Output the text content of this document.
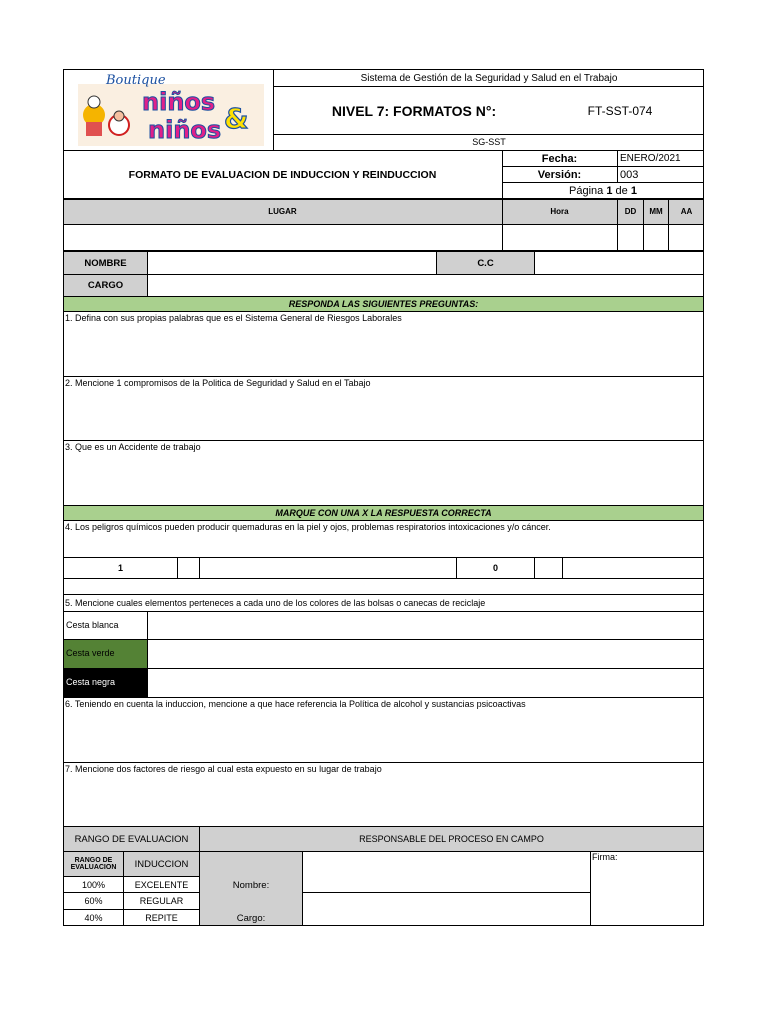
Boutique
niños &
niños
Sistema de Gestión de la Seguridad y Salud en el Trabajo
NIVEL 7: FORMATOS N°:	FT-SST-074
SG-SST
FORMATO DE EVALUACION DE INDUCCION Y REINDUCCION
Fecha:	ENERO/2021
Versión:	003
Página
1
de
1
LUGAR	Hora	DD	MM	AA
NOMBRE	C.C
CARGO
RESPONDA LAS SIGUIENTES PREGUNTAS:
1. Defina con sus propias palabras que es el Sistema General de Riesgos Laborales
2. Mencione 1 compromisos de la Politica de Seguridad y Salud en el Tabajo
3. Que es un Accidente de trabajo
MARQUE CON UNA X LA RESPUESTA CORRECTA
4. Los peligros químicos pueden producir quemaduras en la piel y ojos, problemas respiratorios intoxicaciones y/o cáncer.
1	0
5. Mencione cuales elementos perteneces a cada uno de los colores de las bolsas o canecas de reciclaje
Cesta blanca
Cesta verde
Cesta negra
6. Teniendo en cuenta la induccion, mencione a que hace referencia la Política de alcohol y sustancias psicoactivas
7. Mencione dos factores de riesgo al cual esta expuesto en su lugar de trabajo
RANGO DE EVALUACION	RESPONSABLE DEL PROCESO EN CAMPO
RANGO DE EVALUACION	INDUCCION
100%	EXCELENTE
60%	REGULAR
40%	REPITE
Nombre:
Cargo:
Firma:
